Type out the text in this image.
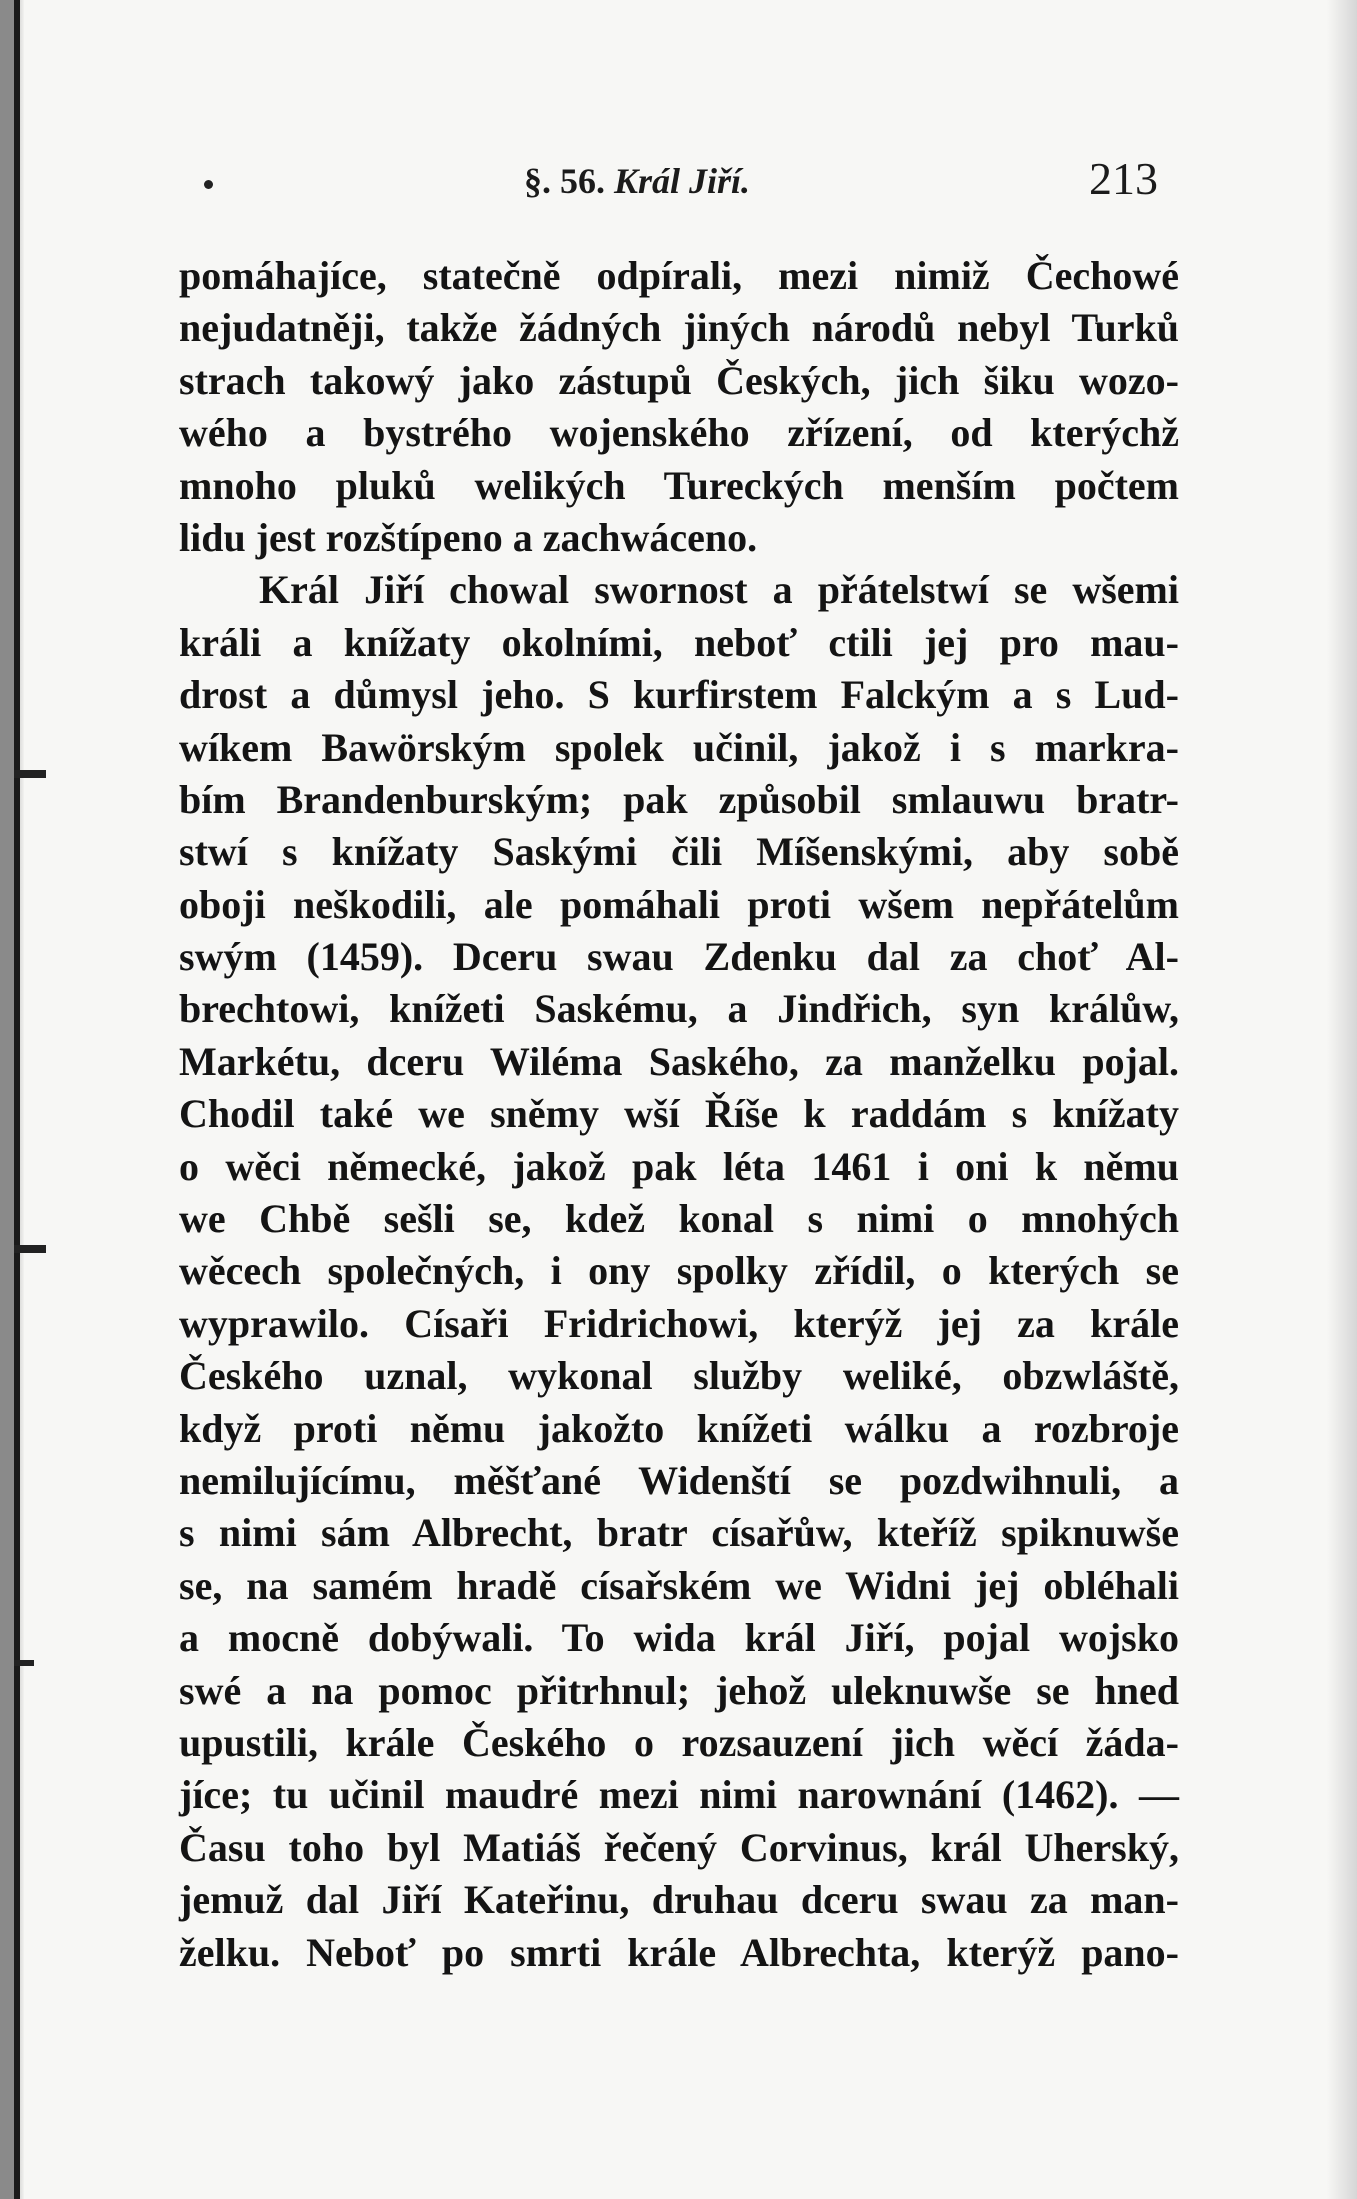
§. 56. Král Jiří.	213
pomáhajíce, statečně odpírali, mezi nimiž Čechowé
nejudatněji, takže žádných jiných národů nebyl Turků
strach takowý jako zástupů Českých, jich šiku wozo-
wého a bystrého wojenského zřízení, od kterýchž
mnoho pluků welikých Tureckých menším počtem
lidu jest rozštípeno a zachwáceno.
Král Jiří chowal swornost a přátelstwí se wšemi
králi a knížaty okolními, neboť ctili jej pro mau-
drost a důmysl jeho. S kurfirstem Falckým a s Lud-
wíkem Bawörským spolek učinil, jakož i s markra-
bím Brandenburským; pak způsobil smlauwu bratr-
stwí s knížaty Saskými čili Míšenskými, aby sobě
oboji neškodili, ale pomáhali proti wšem nepřátelům
swým (1459). Dceru swau Zdenku dal za choť Al-
brechtowi, knížeti Saskému, a Jindřich, syn králůw,
Markétu, dceru Wiléma Saského, za manželku pojal.
Chodil také we sněmy wší Říše k raddám s knížaty
o wěci německé, jakož pak léta 1461 i oni k němu
we Chbě sešli se, kdež konal s nimi o mnohých
wěcech společných, i ony spolky zřídil, o kterých se
wyprawilo. Císaři Fridrichowi, kterýž jej za krále
Českého uznal, wykonal služby weliké, obzwláště,
když proti němu jakožto knížeti wálku a rozbroje
nemilujícímu, měšťané Widenští se pozdwihnuli, a
s nimi sám Albrecht, bratr císařůw, kteříž spiknuwše
se, na samém hradě císařském we Widni jej obléhali
a mocně dobýwali. To wida král Jiří, pojal wojsko
swé a na pomoc přitrhnul; jehož uleknuwše se hned
upustili, krále Českého o rozsauzení jich wěcí žáda-
jíce; tu učinil maudré mezi nimi narownání (1462). —
Času toho byl Matiáš řečený Corvinus, král Uherský,
jemuž dal Jiří Kateřinu, druhau dceru swau za man-
želku. Neboť po smrti krále Albrechta, kterýž pano-
